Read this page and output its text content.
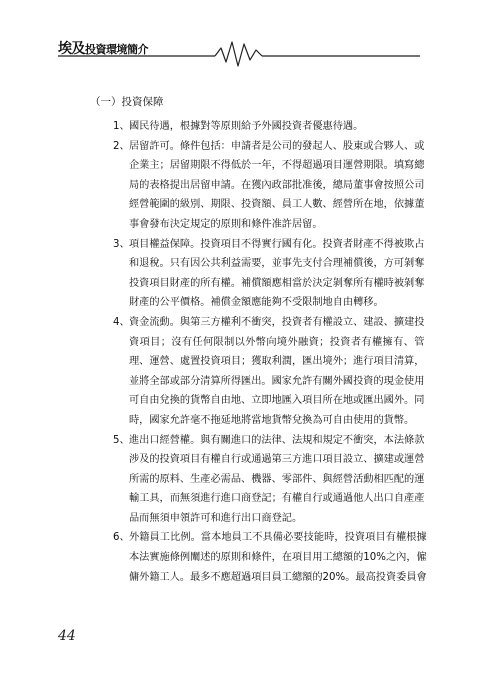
埃及投資環境簡介
（一）投資保障
1、 國民待遇，根據對等原則給予外國投資者優惠待遇。
2、 居留許可。條件包括：申請者是公司的發起人、股東或合夥人、或
企業主；居留期限不得低於一年，不得超過項目運營期限。填寫總
局的表格提出居留申請。在獲內政部批准後，總局董事會按照公司
經營範圍的級別、期限、投資額、員工人數、經營所在地，依據董
事會發布決定規定的原則和條件准許居留。
3、 項目權益保障。投資項目不得實行國有化。投資者財產不得被欺占
和退稅。只有因公共利益需要，並事先支付合理補償後，方可剝奪
投資項目財產的所有權。補償額應相當於決定剝奪所有權時被剝奪
財產的公平價格。補償金額應能夠不受限制地自由轉移。
4、 資金流動。與第三方權利不衝突，投資者有權設立、建設、擴建投
資項目；沒有任何限制以外幣向境外融資；投資者有權擁有、管
理、運營、處置投資項目；獲取利潤，匯出境外；進行項目清算，
並將全部或部分清算所得匯出。國家允許有關外國投資的現金使用
可自由兌換的貨幣自由地、立即地匯入項目所在地或匯出國外。同
時，國家允許毫不拖延地將當地貨幣兌換為可自由使用的貨幣。
5、 進出口經營權。與有關進口的法律、法規和規定不衝突，本法條款
涉及的投資項目有權自行或通過第三方進口項目設立、擴建或運營
所需的原料、生產必需品、機器、零部件、與經營活動相匹配的運
輸工具，而無須進行進口商登記；有權自行或通過他人出口自產產
品而無須申領許可和進行出口商登記。
6、 外籍員工比例。當本地員工不具備必要技能時，投資項目有權根據
本法實施條例闡述的原則和條件，在項目用工總額的10%之內，僱
傭外籍工人。最多不應超過項目員工總額的20%。最高投資委員會
44
